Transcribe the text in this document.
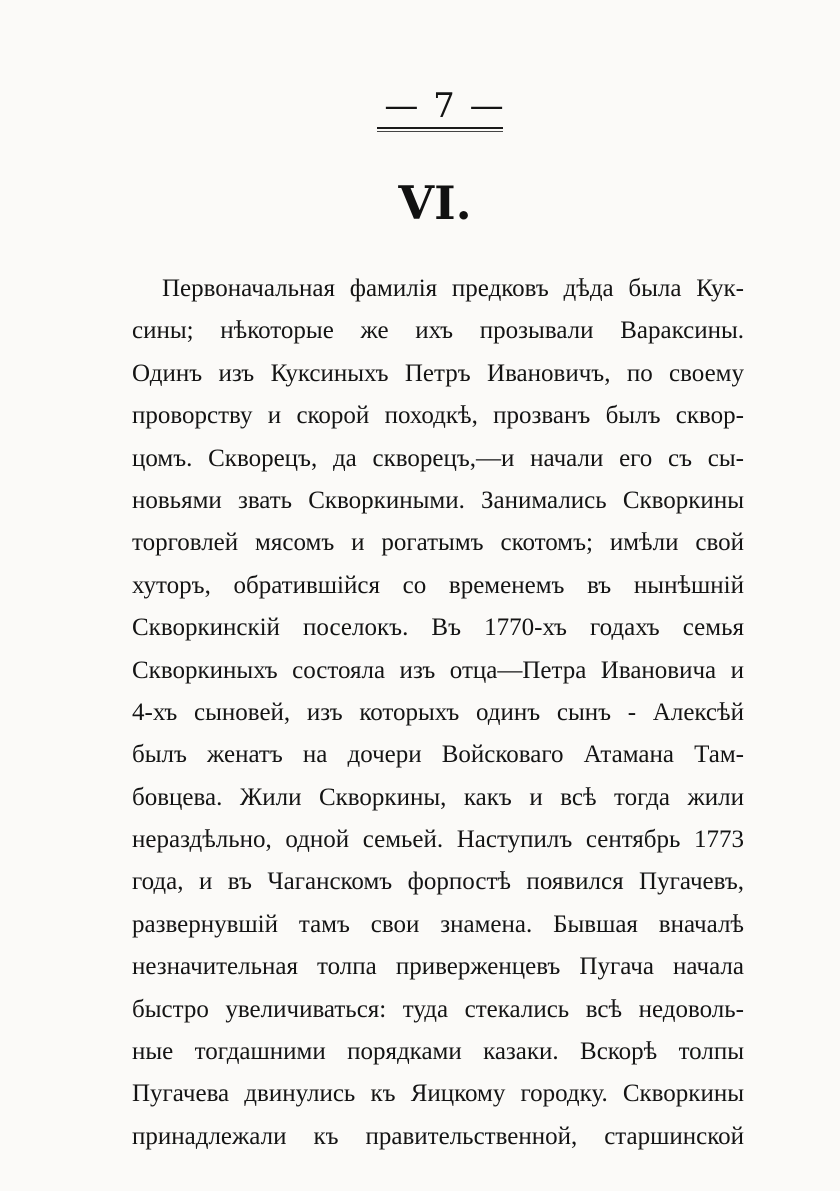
— 7 —
VI.
Первоначальная фамилія предковъ дѣда была Кук-
сины; нѣкоторые же ихъ прозывали Вараксины.
Одинъ изъ Куксиныхъ Петръ Ивановичъ, по своему
проворству и скорой походкѣ, прозванъ былъ сквор-
цомъ. Скворецъ, да скворецъ,—и начали его съ сы-
новьями звать Скворкиными. Занимались Скворкины
торговлей мясомъ и рогатымъ скотомъ; имѣли свой
хуторъ, обратившійся со временемъ въ нынѣшній
Скворкинскій поселокъ. Въ 1770-хъ годахъ семья
Скворкиныхъ состояла изъ отца—Петра Ивановича и
4-хъ сыновей, изъ которыхъ одинъ сынъ - Алексѣй
былъ женатъ на дочери Войсковаго Атамана Там-
бовцева. Жили Скворкины, какъ и всѣ тогда жили
нераздѣльно, одной семьей. Наступилъ сентябрь 1773
года, и въ Чаганскомъ форпостѣ появился Пугачевъ,
развернувшій тамъ свои знамена. Бывшая вначалѣ
незначительная толпа приверженцевъ Пугача начала
быстро увеличиваться: туда стекались всѣ недоволь-
ные тогдашними порядками казаки. Вскорѣ толпы
Пугачева двинулись къ Яицкому городку. Скворкины
принадлежали къ правительственной, старшинской
